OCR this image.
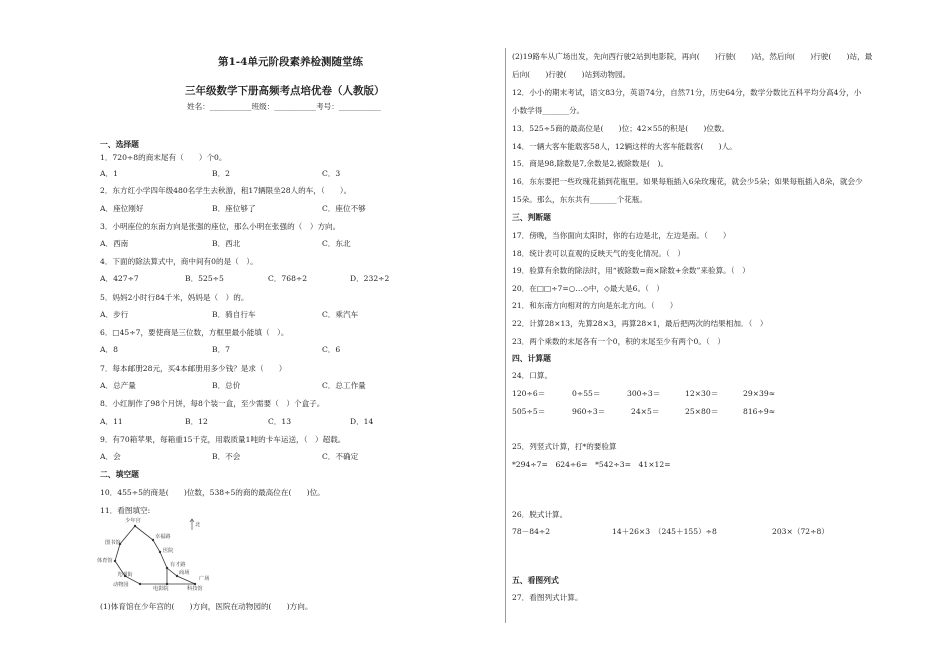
第1-4单元阶段素养检测随堂练
三年级数学下册高频考点培优卷（人教版）
姓名：___________班级：___________考号：___________
一、选择题
1．720÷8的商末尾有（　　）个0。
A．1	B．2	C．3
2．东方红小学四年级480名学生去秋游，租17辆限坐28人的车，（　　）。
A．座位刚好	B．座位够了	C．座位不够
3．小明座位的东南方向是张强的座位，那么小明在张强的（　）方向。
A．西南	B．西北	C．东北
4．下面的除法算式中，商中间有0的是（　）。
A．427÷7	B．525÷5	C．768÷2	D．232÷2
5．妈妈2小时行84千米，妈妈是（　）的。
A．步行	B．骑自行车	C．乘汽车
6．□45÷7，要使商是三位数，方框里最小能填（　）。
A．8	B．7	C．6
7．每本邮册28元，买4本邮册用多少钱？是求（　　）
A．总产量	B．总价	C．总工作量
8．小红制作了98个月饼，每8个装一盒，至少需要（　）个盒子。
A．11	B．12	C．13	D．14
9．有70箱苹果，每箱重15千克，用载质量1吨的卡车运送，（　）超载。
A．会	B．不会	C．不确定
二、填空题
10．455÷5的商是(　　)位数，538÷5的商的最高位在(　　)位。
11．看图填空:
北
少年宫
图书馆
幸福路
医院
体育馆
有才路
光明街	商场
广场
动物园
电影院	科技馆
(1)体育馆在少年宫的(　　)方向，医院在动物园的(　　)方向。
(2)19路车从广场出发，先向西行驶2站到电影院，再向(　　)行驶(　　)站，然后向(　　)行驶(　　)站，最
后向(　　)行驶(　　)站到动物园。
12．小小的期末考试，语文83分，英语74分，自然71分，历史64分，数学分数比五科平均分高4分，小
小数学得_______分。
13．525÷5商的最高位是(　　)位；42×55的积是(　　)位数。
14．一辆大客车能载客58人，12辆这样的大客车能载客(　　)人。
15．商是98,除数是7,余数是2,被除数是(　)。
16．东东要把一些玫瑰花插到花瓶里。如果每瓶插入6朵玫瑰花，就会少5朵；如果每瓶插入8朵，就会少
15朵。那么，东东共有_______个花瓶。
三、判断题
17．傍晚，当你面向太阳时，你的右边是北，左边是南。（　　）
18．统计表可以直观的反映天气的变化情况。（　）
19．验算有余数的除法时，用“被除数=商×除数+余数”来验算。（　）
20．在□□÷7=○…◇中，◇最大是6。（　）
21．和东南方向相对的方向是东北方向。（　　）
22．计算28×13，先算28×3，再算28×1，最后把两次的结果相加．（　）
23．两个乘数的末尾各有一个0，积的末尾至少有两个0。（　）
四、计算题
24．口算。
120÷6＝	0÷55＝	300÷3＝	12×30＝	29×39≈
505÷5＝	960÷3＝	24×5＝	25×80＝	816÷9≈
25．列竖式计算，打*的要验算
*294÷7=　624÷6=　*542÷3=　41×12=
26．脱式计算。
78－84÷2	14＋26×3　（245＋155）÷8	203×（72÷8）
五、看图列式
27．看图列式计算。
